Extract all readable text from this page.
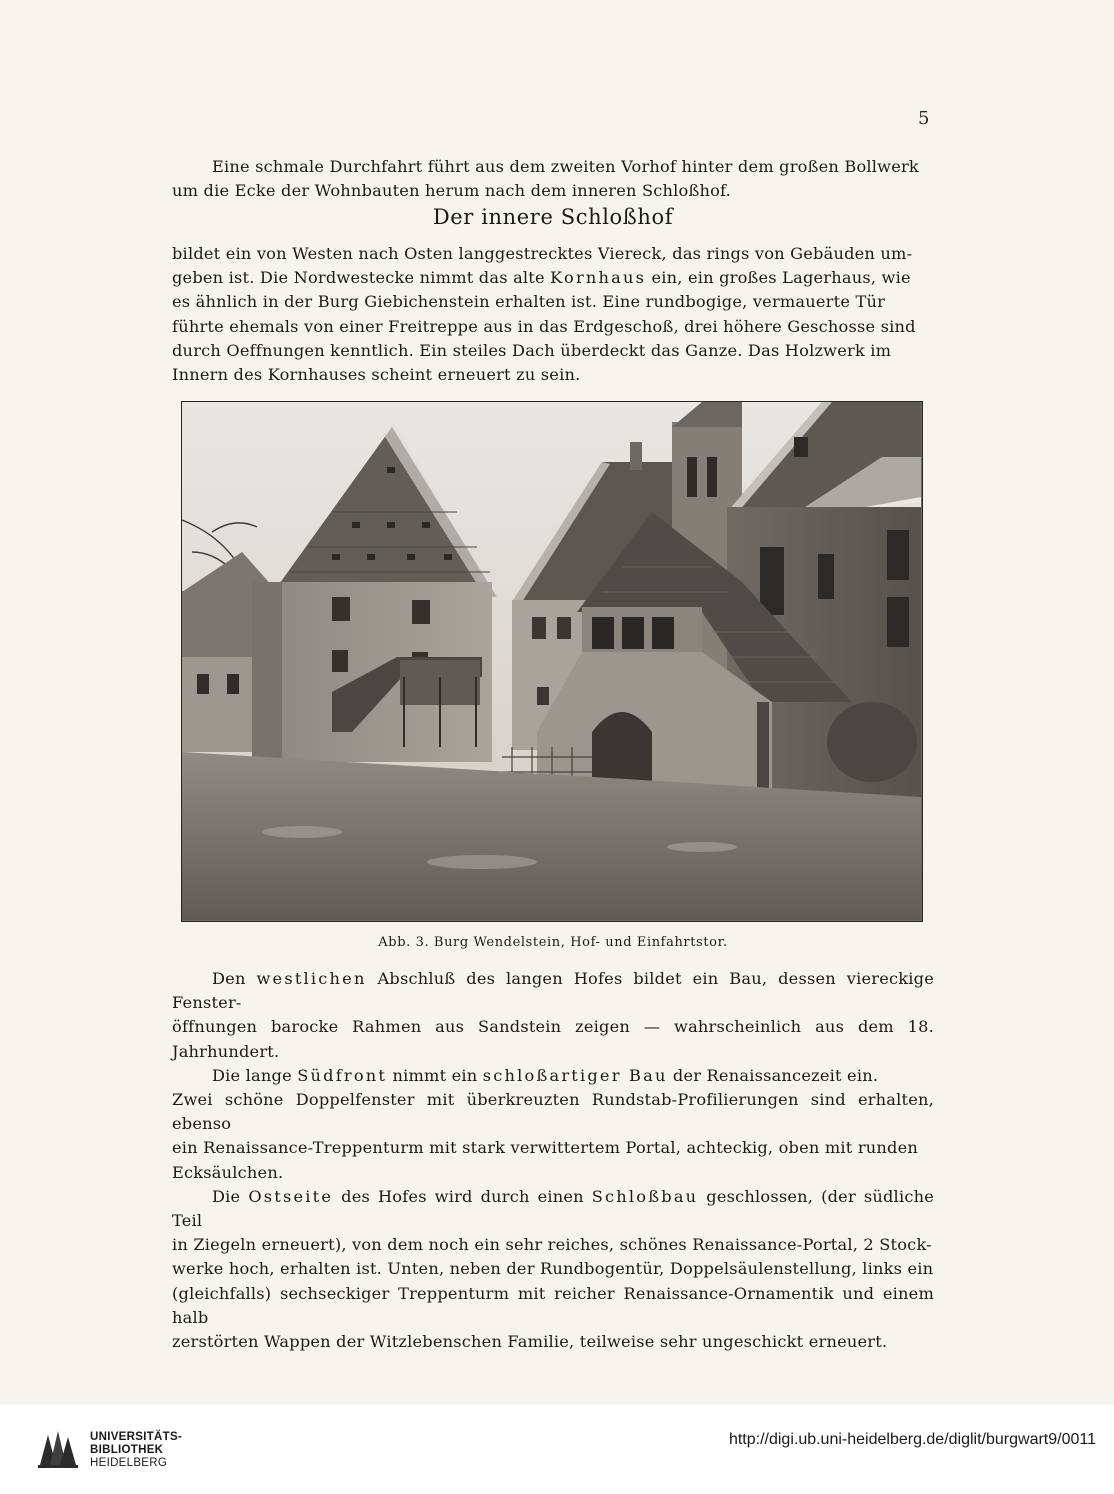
5

Eine schmale Durchfahrt führt aus dem zweiten Vorhof hinter dem großen Bollwerk

um die Ecke der Wohnbauten herum nach dem inneren Schloßhof.

Der innere Schloßhof

bildet ein von Westen nach Osten langgestrecktes Viereck, das rings von Gebäuden um-

geben ist. Die Nordwestecke nimmt das alte Kornhaus ein, ein großes Lagerhaus, wie

es ähnlich in der Burg Giebichenstein erhalten ist. Eine rundbogige, vermauerte Tür

führte ehemals von einer Freitreppe aus in das Erdgeschoß, drei höhere Geschosse sind

durch Oeffnungen kenntlich. Ein steiles Dach überdeckt das Ganze. Das Holzwerk im

Innern des Kornhauses scheint erneuert zu sein.

Abb. 3. Burg Wendelstein, Hof- und Einfahrtstor.

Den westlichen Abschluß des langen Hofes bildet ein Bau, dessen viereckige Fenster-

öffnungen barocke Rahmen aus Sandstein zeigen — wahrscheinlich aus dem 18. Jahrhundert.

Die lange Südfront nimmt ein schloßartiger Bau der Renaissancezeit ein.

Zwei schöne Doppelfenster mit überkreuzten Rundstab-Profilierungen sind erhalten, ebenso

ein Renaissance-Treppenturm mit stark verwittertem Portal, achteckig, oben mit runden

Ecksäulchen.

Die Ostseite des Hofes wird durch einen Schloßbau geschlossen, (der südliche Teil

in Ziegeln erneuert), von dem noch ein sehr reiches, schönes Renaissance-Portal, 2 Stock-

werke hoch, erhalten ist. Unten, neben der Rundbogentür, Doppelsäulenstellung, links ein

(gleichfalls) sechseckiger Treppenturm mit reicher Renaissance-Ornamentik und einem halb

zerstörten Wappen der Witzlebenschen Familie, teilweise sehr ungeschickt erneuert.

UNIVERSITÄTS-
BIBLIOTHEK
HEIDELBERG
http://digi.ub.uni-heidelberg.de/diglit/burgwart9/0011
